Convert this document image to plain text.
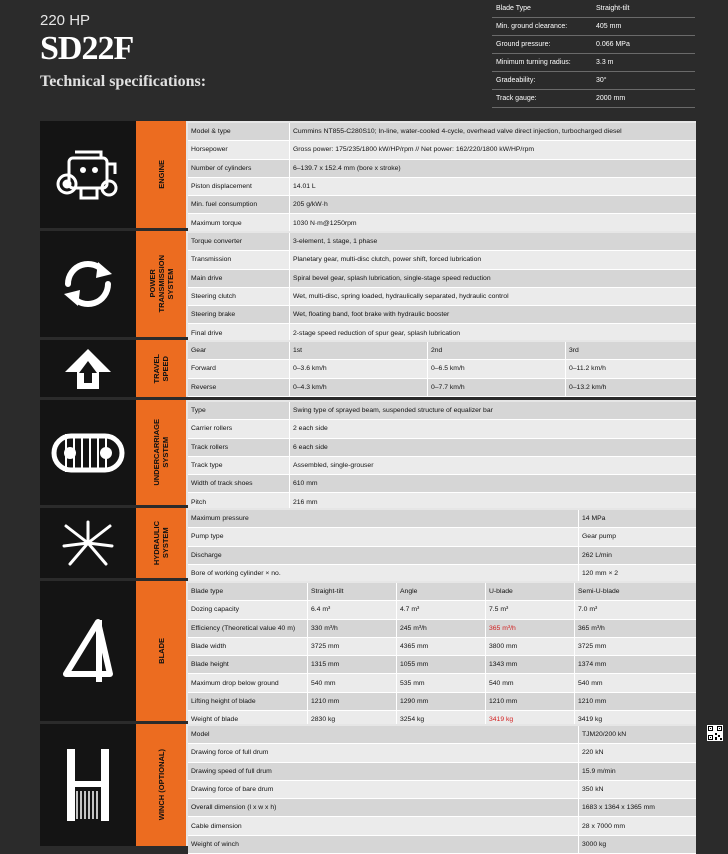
220 HP
SD22F
Technical specifications:
Blade Type	Straight-tilt
Min. ground clearance:	405 mm
Ground pressure:	0.066 MPa
Minimum turning radius:	3.3 m
Gradeability:	30°
Track gauge:	2000 mm
ENGINE
Model & type	Cummins NT855-C280S10; In-line, water-cooled 4-cycle, overhead valve direct injection, turbocharged diesel
Horsepower	Gross power: 175/235/1800 kW/HP/rpm // Net power: 162/220/1800 kW/HP/rpm
Number of cylinders	6–139.7 x 152.4 mm (bore x stroke)
Piston displacement	14.01 L
Min. fuel consumption	205 g/kW·h
Maximum torque	1030 N·m@1250rpm
POWER
TRANSMISSION
SYSTEM
Torque converter	3-element, 1 stage, 1 phase
Transmission	Planetary gear, multi-disc clutch, power shift, forced lubrication
Main drive	Spiral bevel gear, splash lubrication, single-stage speed reduction
Steering clutch	Wet, multi-disc, spring loaded, hydraulically separated, hydraulic control
Steering brake	Wet, floating band, foot brake with hydraulic booster
Final drive	2-stage speed reduction of spur gear, splash lubrication
TRAVEL
SPEED
Gear	1st	2nd	3rd
Forward	0–3.6 km/h	0–6.5 km/h	0–11.2 km/h
Reverse	0–4.3 km/h	0–7.7 km/h	0–13.2 km/h
UNDERCARRIAGE
SYSTEM
Type	Swing type of sprayed beam, suspended structure of equalizer bar
Carrier rollers	2 each side
Track rollers	6 each side
Track type	Assembled, single-grouser
Width of track shoes	610 mm
Pitch	216 mm
HYDRAULIC
SYSTEM
Maximum pressure	14 MPa
Pump type	Gear pump
Discharge	262 L/min
Bore of working cylinder × no.	120 mm × 2
BLADE
Blade type	Straight-tilt	Angle	U-blade	Semi-U-blade
Dozing capacity	6.4 m³	4.7 m³	7.5 m³	7.0 m³
Efficiency (Theoretical value 40 m)	330 m³/h	245 m³/h	365 m³/h	365 m³/h
Blade width	3725 mm	4365 mm	3800 mm	3725 mm
Blade height	1315 mm	1055 mm	1343 mm	1374 mm
Maximum drop below ground	540 mm	535 mm	540 mm	540 mm
Lifting height of blade	1210 mm	1290 mm	1210 mm	1210 mm
Weight of blade	2830 kg	3254 kg	3419 kg	3419 kg
WINCH (OPTIONAL)
Model	TJM20/200 kN
Drawing force of full drum	220 kN
Drawing speed of full drum	15.9 m/min
Drawing force of bare drum	350 kN
Overall dimension (l x w x h)	1683 x 1364 x 1365 mm
Cable dimension	28 x 7000 mm
Weight of winch	3000 kg
